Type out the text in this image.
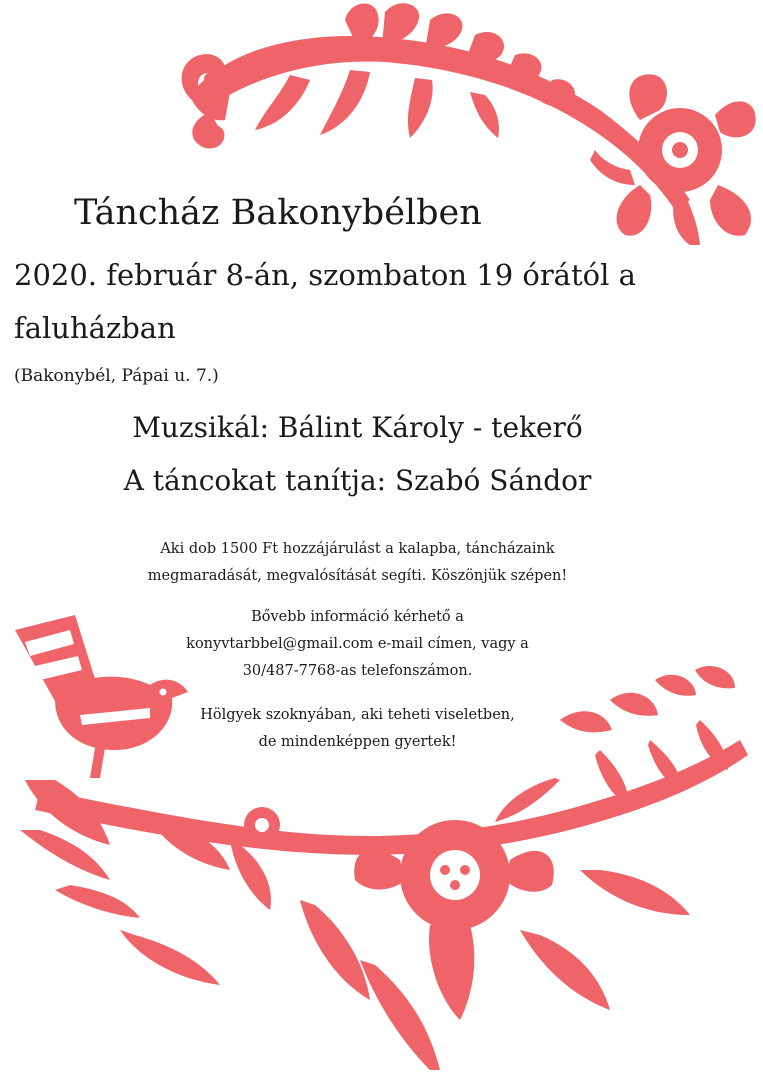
Táncház Bakonybélben

2020. február 8-án, szombaton 19 órától a

faluházban

(Bakonybél, Pápai u. 7.)

Muzsikál: Bálint Károly - tekerő

A táncokat tanítja: Szabó Sándor

Aki dob 1500 Ft hozzájárulást a kalapba, táncházaink

megmaradását, megvalósítását segíti. Köszönjük szépen!

Bővebb információ kérhető a

konyvtarbbel@gmail.com e-mail címen, vagy a

30/487-7768-as telefonszámon.

Hölgyek szoknyában, aki teheti viseletben,

de mindenképpen gyertek!
